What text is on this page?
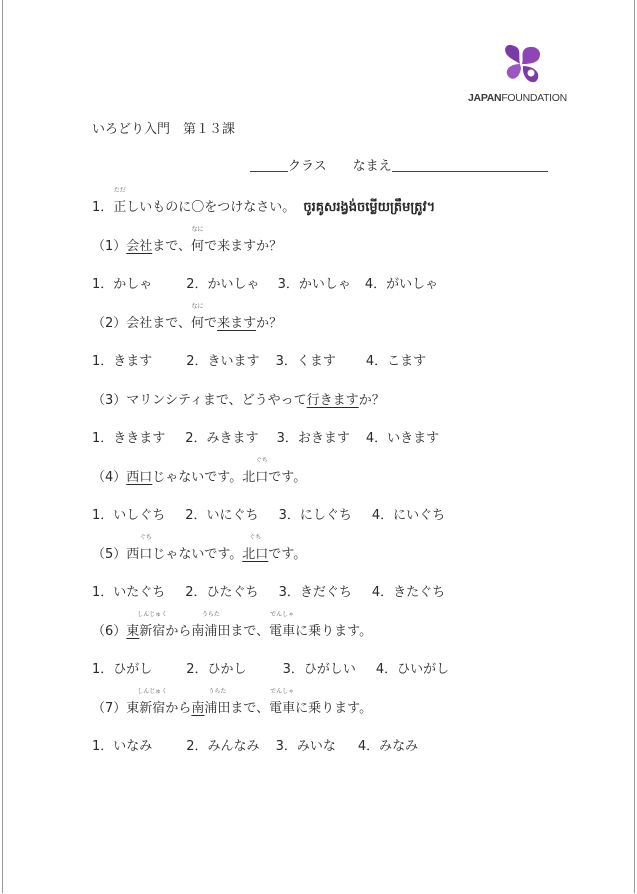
JAPANFOUNDATION
いろどり入門　第１３課
クラス なまえ
1．正
ただ
しいものに〇をつけなさい。 ចូរគូសរង្វង់ចម្លើយត្រឹមត្រូវ។
（1）会社まで、何
なに
で来ますか？
1．かしゃ	2．かいしゃ 3．かいしゃ 4．がいしゃ
（2）会社まで、何
なに
で来ますか？
1．きます	2．きいます 3．くます 4．こます
（3）マリンシティまで、どうやって行きますか？
1．ききます 2．みきます 3．おきます 4．いきます
（4）西口じゃないです。北口
ぐち
です。
1．いしぐち 2．いにぐち 3．にしぐち 4．にいぐち
（5）西口
ぐち
じゃないです。北口
ぐち
です。
1．いたぐち 2．ひたぐち 3．きだぐち 4．きたぐち
（6）東新宿
しんじゅく
から南浦田
うらた
まで、電車
でんしゃ
に乗ります。
1．ひがし	2．ひかし	3．ひがしい 4．ひいがし
（7）東新宿
しんじゅく
から南浦田
うらた
まで、電車
でんしゃ
に乗ります。
1．いなみ	2．みんなみ 3．みいな 4．みなみ
